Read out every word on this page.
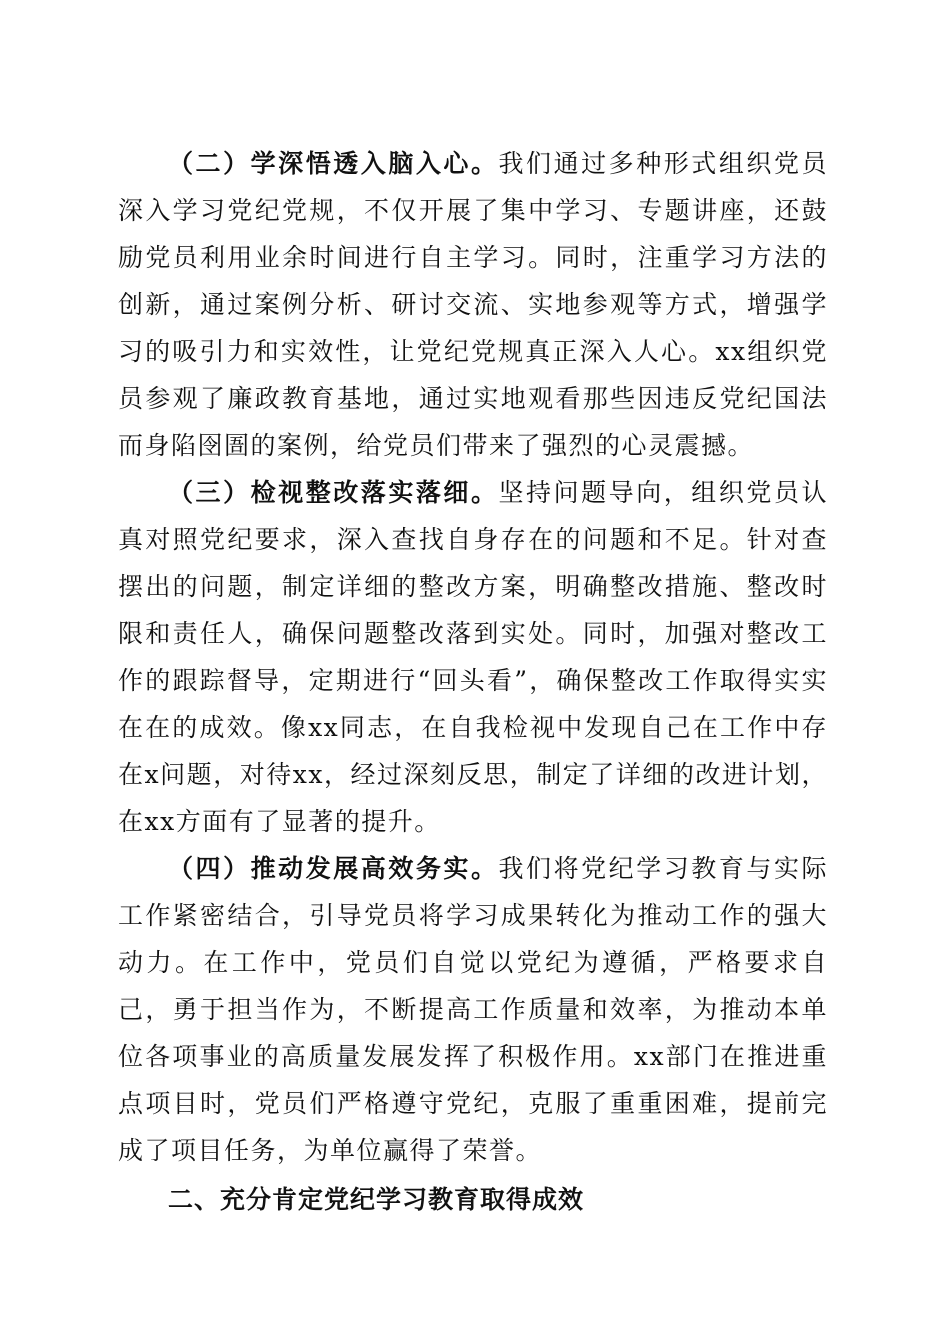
（二）学深悟透入脑入心。我们通过多种形式组织党员深入学习党纪党规，不仅开展了集中学习、专题讲座，还鼓励党员利用业余时间进行自主学习。同时，注重学习方法的创新，通过案例分析、研讨交流、实地参观等方式，增强学习的吸引力和实效性，让党纪党规真正深入人心。xx组织党员参观了廉政教育基地，通过实地观看那些因违反党纪国法而身陷囹圄的案例，给党员们带来了强烈的心灵震撼。

（三）检视整改落实落细。坚持问题导向，组织党员认真对照党纪要求，深入查找自身存在的问题和不足。针对查摆出的问题，制定详细的整改方案，明确整改措施、整改时限和责任人，确保问题整改落到实处。同时，加强对整改工作的跟踪督导，定期进行“回头看”，确保整改工作取得实实在在的成效。像xx同志，在自我检视中发现自己在工作中存在x问题，对待xx，经过深刻反思，制定了详细的改进计划，在xx方面有了显著的提升。

（四）推动发展高效务实。我们将党纪学习教育与实际工作紧密结合，引导党员将学习成果转化为推动工作的强大动力。在工作中，党员们自觉以党纪为遵循，严格要求自己，勇于担当作为，不断提高工作质量和效率，为推动本单位各项事业的高质量发展发挥了积极作用。xx部门在推进重点项目时，党员们严格遵守党纪，克服了重重困难，提前完成了项目任务，为单位赢得了荣誉。

二、充分肯定党纪学习教育取得成效
